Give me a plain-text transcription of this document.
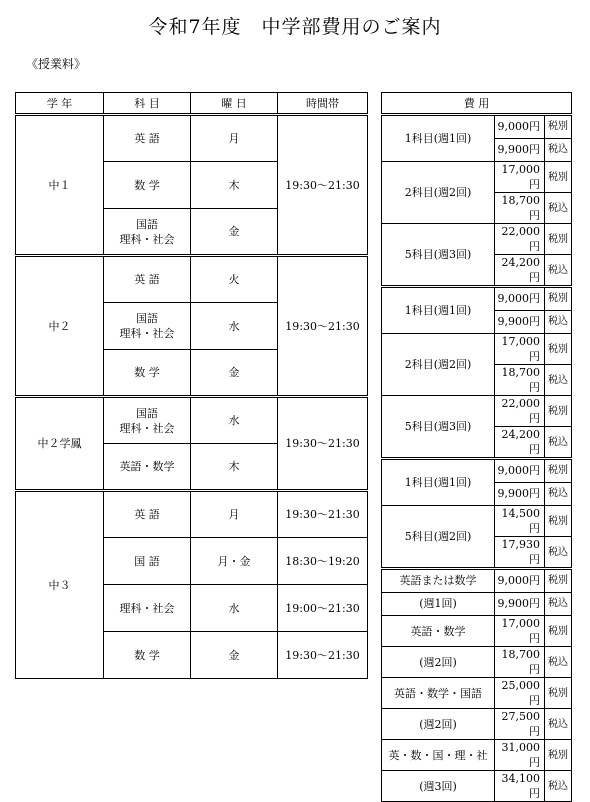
令和7年度　中学部費用のご案内
《授業料》
学 年	科 目	曜 日	時間帯
中１	英 語	月	19:30～21:30

	数 学	木	

	国語
理科・社会	金	

中２	英 語	火	19:30～21:30

	国語
理科・社会	水	

	数 学	金	

中２学鳳	国語
理科・社会	水	19:30～21:30

	英語・数学	木	

中３	英 語	月	19:30～21:30

	国 語	月・金	18:30～19:20

	理科・社会	水	19:00～21:30

	数 学	金	19:30～21:30

費 用		
1科目(週1回)	9,000円	税別
	9,900円	税込
2科目(週2回)	17,000円	税別
	18,700円	税込
5科目(週3回)	22,000円	税別
	24,200円	税込
1科目(週1回)	9,000円	税別
	9,900円	税込
2科目(週2回)	17,000円	税別
	18,700円	税込
5科目(週3回)	22,000円	税別
	24,200円	税込
1科目(週1回)	9,000円	税別
	9,900円	税込
5科目(週2回)	14,500円	税別
	17,930円	税込
英語または数学	9,000円	税別
(週1回)	9,900円	税込
英語・数学	17,000円	税別
(週2回)	18,700円	税込
英語・数学・国語	25,000円	税別
(週2回)	27,500円	税込
英・数・国・理・社	31,000円	税別
(週3回)	34,100円	税込
